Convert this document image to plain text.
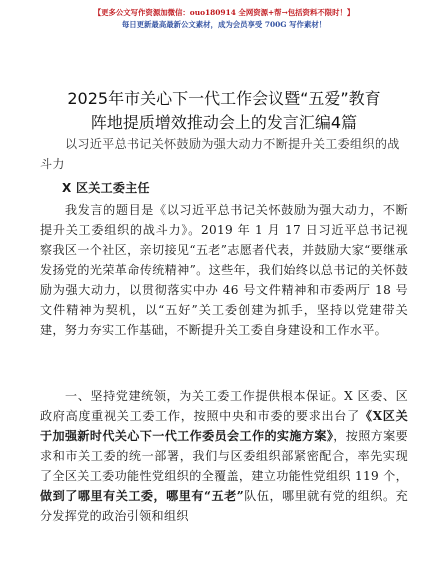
【更多公文写作资源加微信：ouo180914 全网资源+帮→包括资料不限时！】
每日更新最高最新公文素材，成为会员享受 700G 写作素材！
2025年市关心下一代工作会议暨“五爱”教育
阵地提质增效推动会上的发言汇编4篇
以习近平总书记关怀鼓励为强大动力不断提升关工委组织的战斗力
X 区关工委主任
我发言的题目是《以习近平总书记关怀鼓励为强大动力，不断提升关工委组织的战斗力》。2019 年 1 月 17 日习近平总书记视察我区一个社区，亲切接见“五老”志愿者代表，并鼓励大家“要继承发扬党的光荣革命传统精神”。这些年，我们始终以总书记的关怀鼓励为强大动力，以贯彻落实中办 46 号文件精神和市委两厅 18 号文件精神为契机，以“五好”关工委创建为抓手，坚持以党建带关建，努力夯实工作基础，不断提升关工委自身建设和工作水平。
一、坚持党建统领，为关工委工作提供根本保证。X 区委、区政府高度重视关工委工作，按照中央和市委的要求出台了《X区关于加强新时代关心下一代工作委员会工作的实施方案》，按照方案要求和市关工委的统一部署，我们与区委组织部紧密配合，率先实现了全区关工委功能性党组织的全覆盖，建立功能性党组织 119 个，做到了哪里有关工委，哪里有“五老”队伍，哪里就有党的组织。充分发挥党的政治引领和组织
